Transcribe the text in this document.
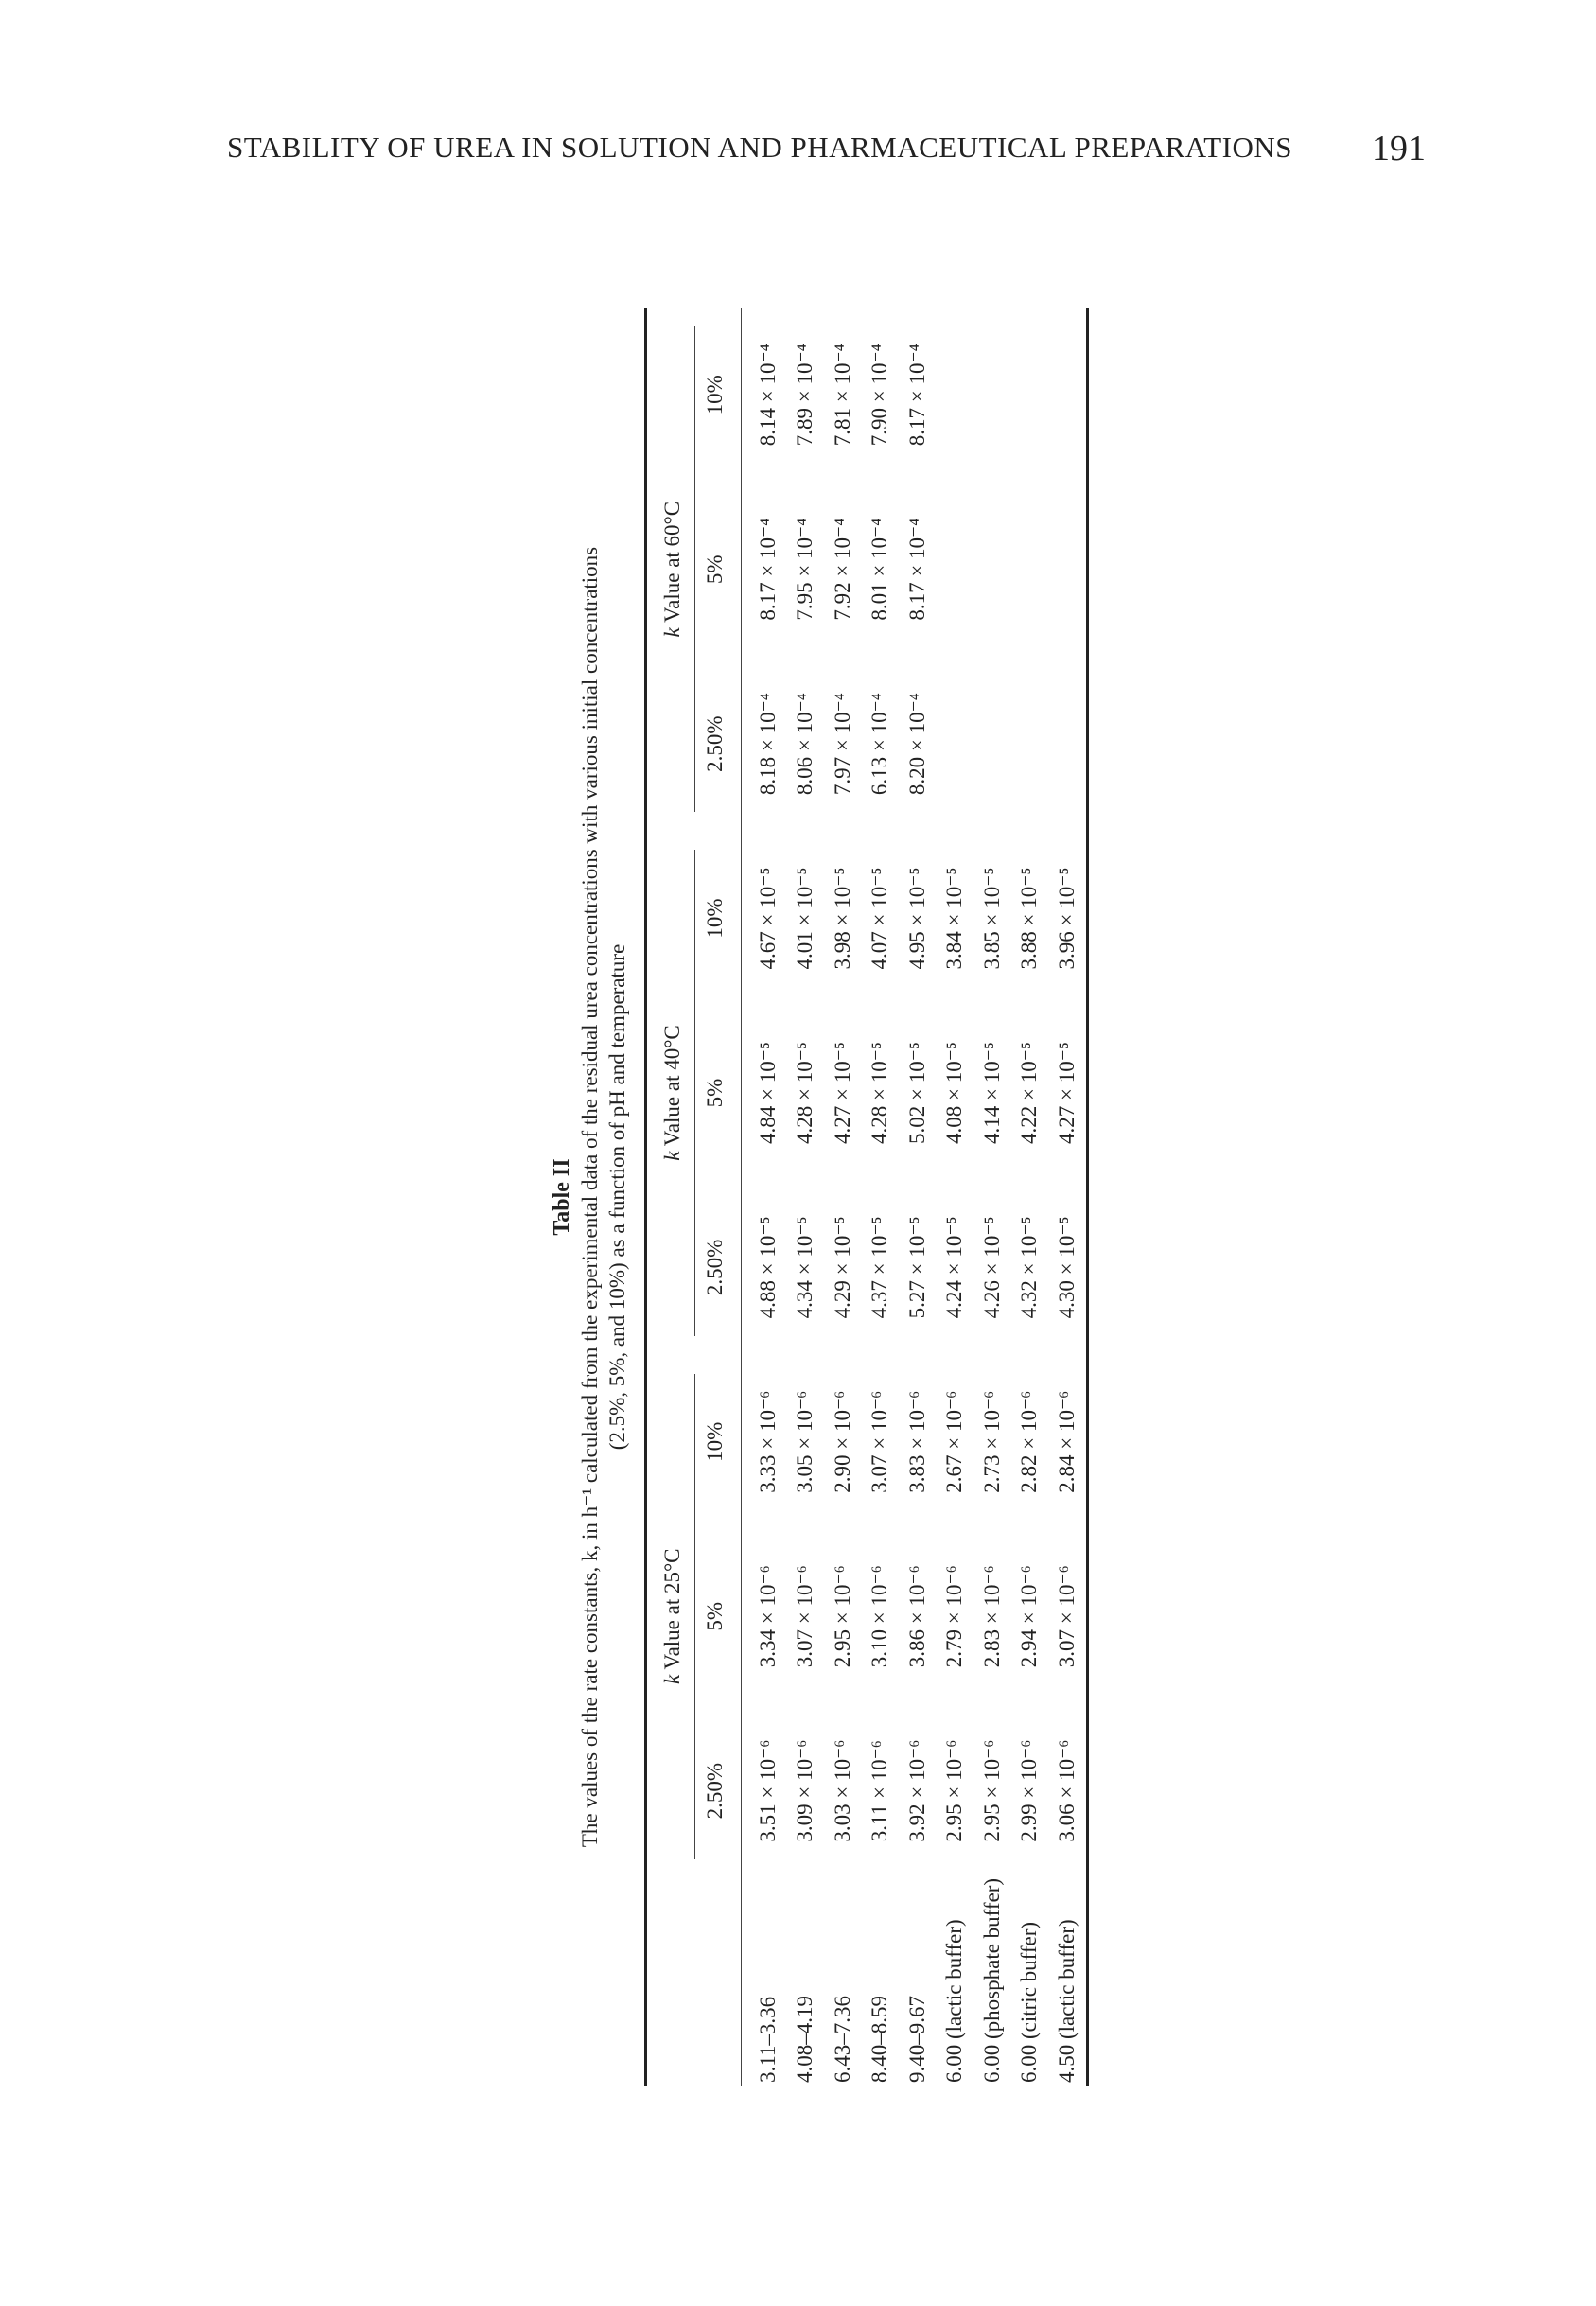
STABILITY OF UREA IN SOLUTION AND PHARMACEUTICAL PREPARATIONS 191
Table II The values of the rate constants, k, in h⁻¹ calculated from the experimental data of the residual urea concentrations with various initial concentrations (2.5%, 5%, and 10%) as a function of pH and temperature

	k Value at 25°C			k Value at 40°C			k Value at 60°C		

	2.50%	5%	10%	2.50%	5%	10%	2.50%	5%	10%
3.11–3.36	3.51 × 10⁻⁶	3.34 × 10⁻⁶	3.33 × 10⁻⁶	4.88 × 10⁻⁵	4.84 × 10⁻⁵	4.67 × 10⁻⁵	8.18 × 10⁻⁴	8.17 × 10⁻⁴	8.14 × 10⁻⁴
4.08–4.19	3.09 × 10⁻⁶	3.07 × 10⁻⁶	3.05 × 10⁻⁶	4.34 × 10⁻⁵	4.28 × 10⁻⁵	4.01 × 10⁻⁵	8.06 × 10⁻⁴	7.95 × 10⁻⁴	7.89 × 10⁻⁴
6.43–7.36	3.03 × 10⁻⁶	2.95 × 10⁻⁶	2.90 × 10⁻⁶	4.29 × 10⁻⁵	4.27 × 10⁻⁵	3.98 × 10⁻⁵	7.97 × 10⁻⁴	7.92 × 10⁻⁴	7.81 × 10⁻⁴
8.40–8.59	3.11 × 10⁻⁶	3.10 × 10⁻⁶	3.07 × 10⁻⁶	4.37 × 10⁻⁵	4.28 × 10⁻⁵	4.07 × 10⁻⁵	6.13 × 10⁻⁴	8.01 × 10⁻⁴	7.90 × 10⁻⁴
9.40–9.67	3.92 × 10⁻⁶	3.86 × 10⁻⁶	3.83 × 10⁻⁶	5.27 × 10⁻⁵	5.02 × 10⁻⁵	4.95 × 10⁻⁵	8.20 × 10⁻⁴	8.17 × 10⁻⁴	8.17 × 10⁻⁴
6.00 (lactic buffer)	2.95 × 10⁻⁶	2.79 × 10⁻⁶	2.67 × 10⁻⁶	4.24 × 10⁻⁵	4.08 × 10⁻⁵	3.84 × 10⁻⁵			
6.00 (phosphate buffer)	2.95 × 10⁻⁶	2.83 × 10⁻⁶	2.73 × 10⁻⁶	4.26 × 10⁻⁵	4.14 × 10⁻⁵	3.85 × 10⁻⁵			
6.00 (citric buffer)	2.99 × 10⁻⁶	2.94 × 10⁻⁶	2.82 × 10⁻⁶	4.32 × 10⁻⁵	4.22 × 10⁻⁵	3.88 × 10⁻⁵			
4.50 (lactic buffer)	3.06 × 10⁻⁶	3.07 × 10⁻⁶	2.84 × 10⁻⁶	4.30 × 10⁻⁵	4.27 × 10⁻⁵	3.96 × 10⁻⁵			
